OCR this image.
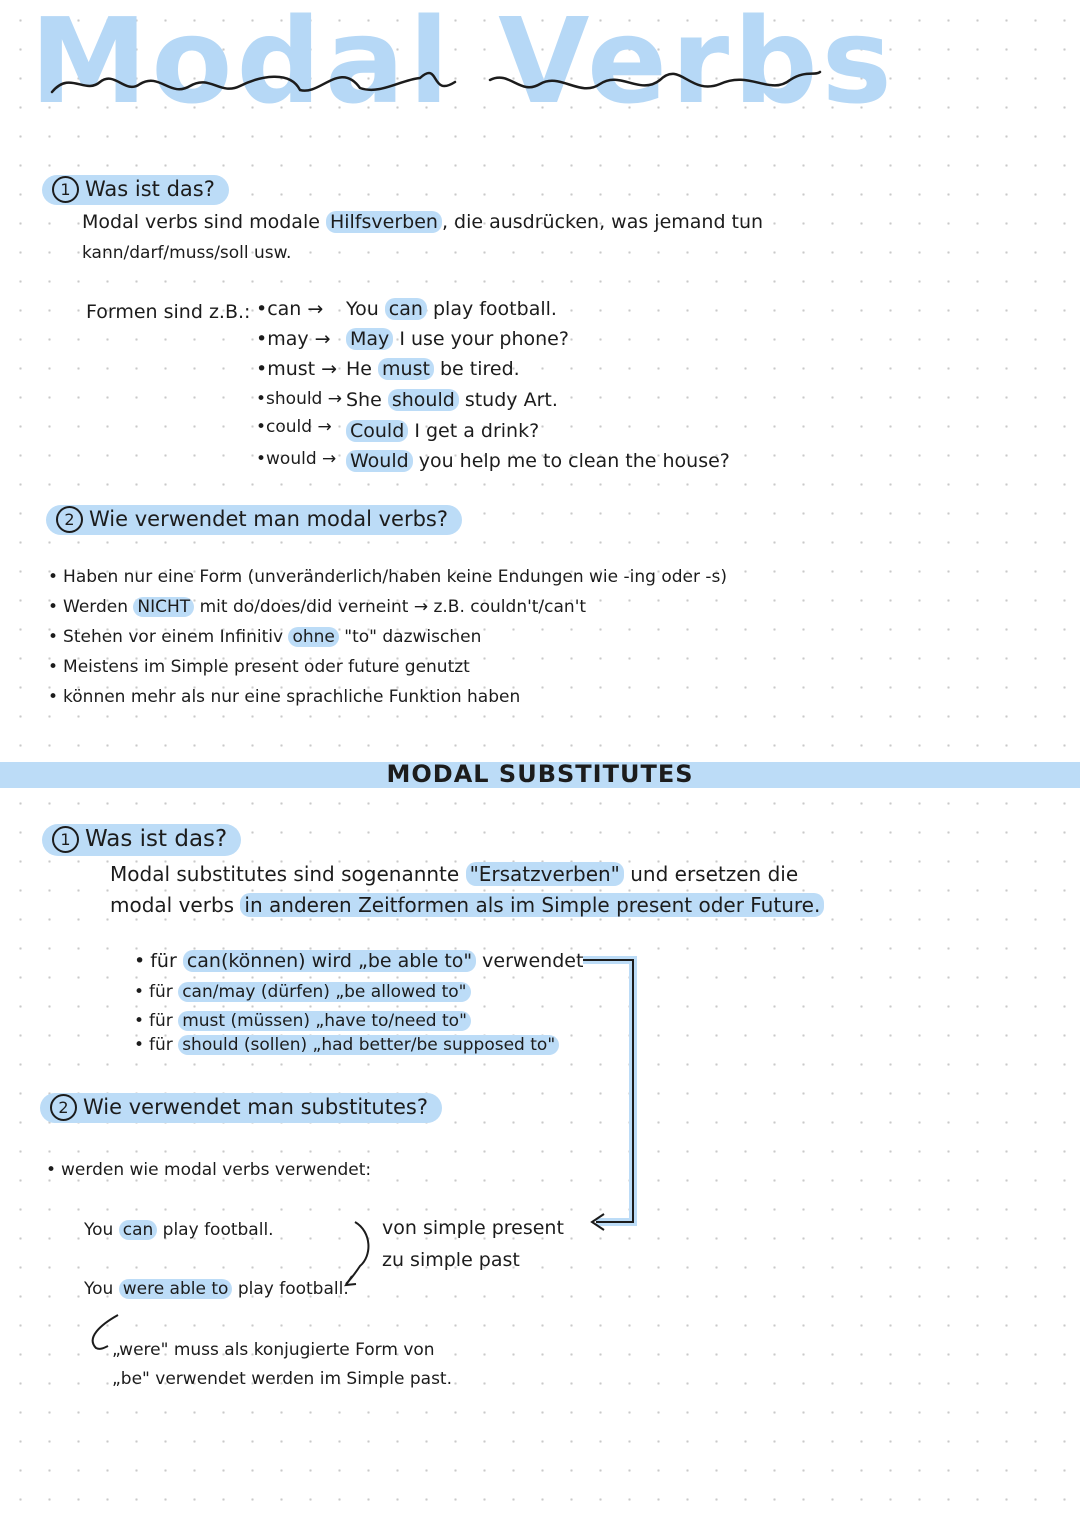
Modal Verbs
1 Was ist das?
Modal verbs sind modale Hilfsverben , die ausdrücken, was jemand tun
kann/darf/muss/soll usw.
Formen sind z.B.: •can → You can play football.
•may → May I use your phone?
•must → He must be tired.
•should → She should study Art.
•could → Could I get a drink?
•would → Would you help me to clean the house?
2 Wie verwendet man modal verbs?
• Haben nur eine Form (unveränderlich/haben keine Endungen wie -ing oder -s)
• Werden NICHT mit do/does/did verneint → z.B. couldn't/can't
• Stehen vor einem Infinitiv ohne "to" dazwischen
• Meistens im Simple present oder future genutzt
• können mehr als nur eine sprachliche Funktion haben
MODAL SUBSTITUTES
1 Was ist das?
Modal substitutes sind sogenannte "Ersatzverben" und ersetzen die
modal verbs in anderen Zeitformen als im Simple present oder Future.
• für can(können) wird „be able to" verwendet
• für can/may (dürfen) „be allowed to"
• für must (müssen) „have to/need to"
• für should (sollen) „had better/be supposed to"
2 Wie verwendet man substitutes?
• werden wie modal verbs verwendet:
You can play football.
You were able to play football.
von simple present
zu simple past
„were" muss als konjugierte Form von
„be" verwendet werden im Simple past.
